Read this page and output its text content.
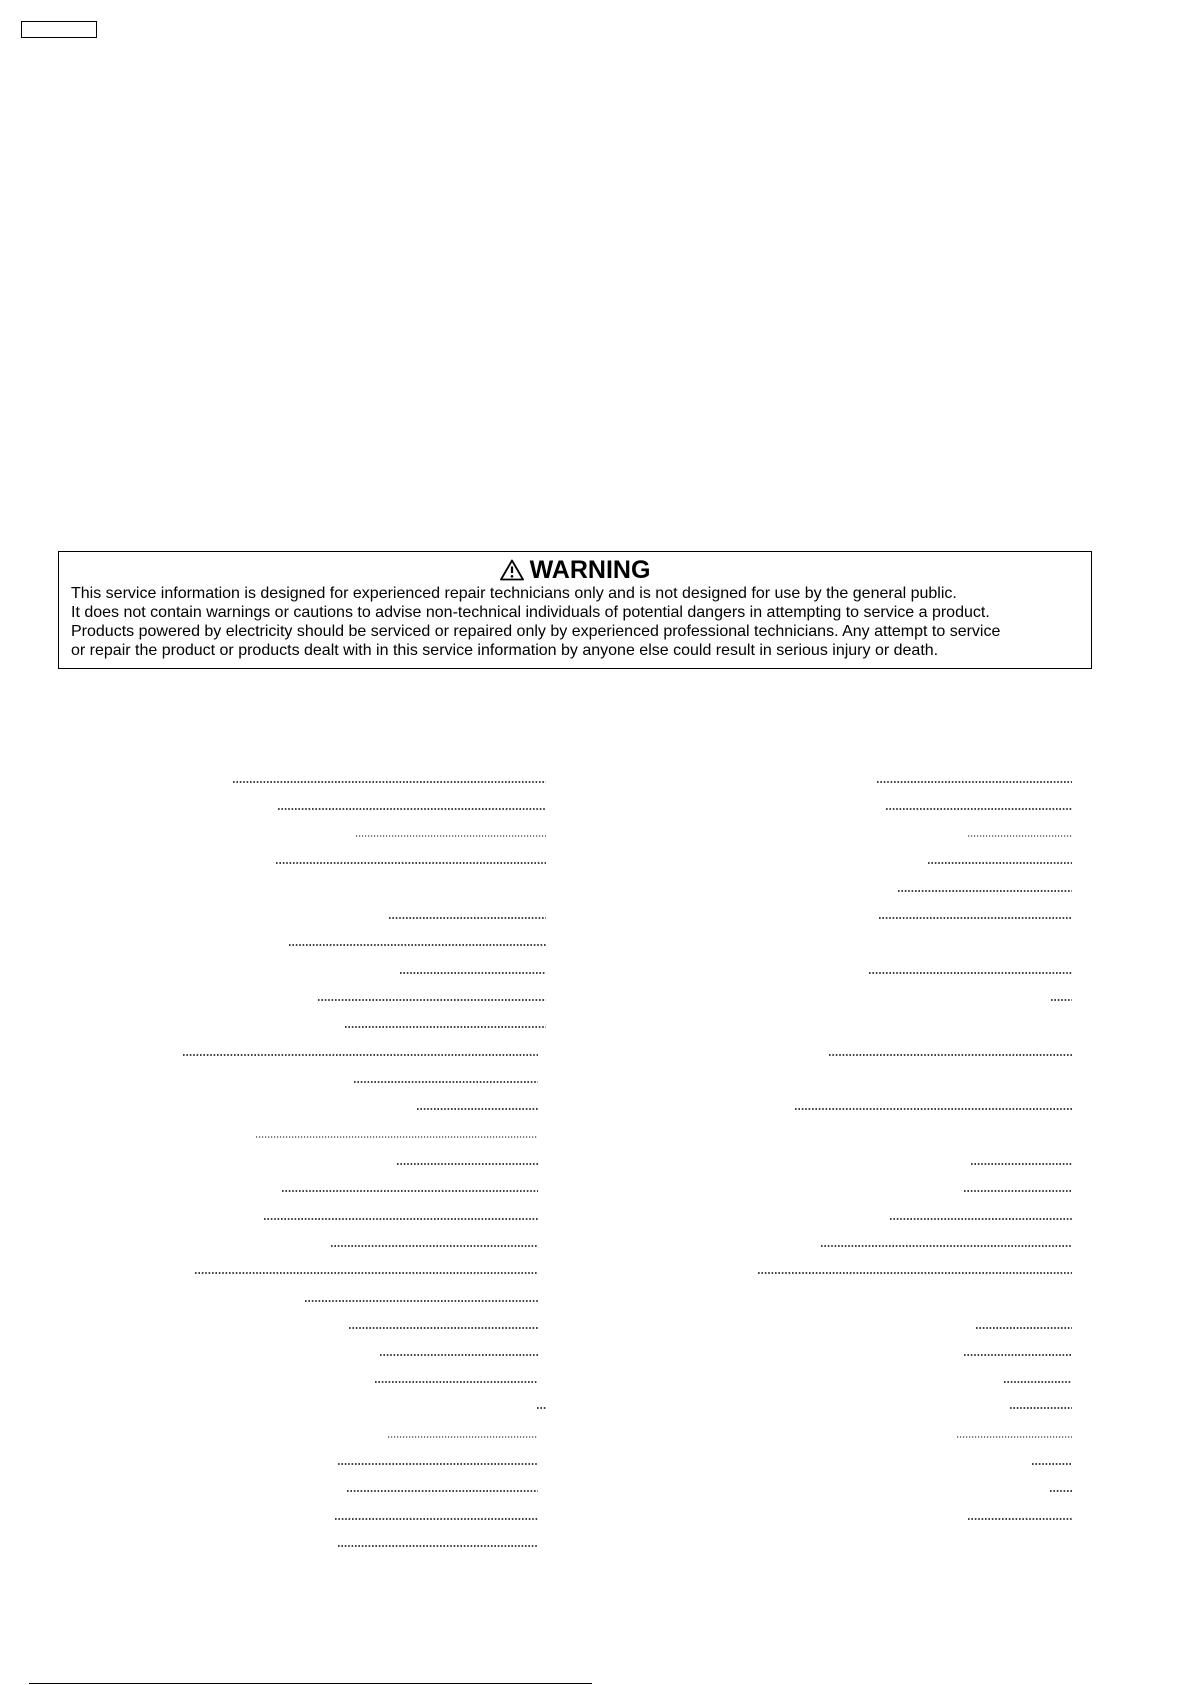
WARNING
This service information is designed for experienced repair technicians only and is not designed for use by the general public.
It does not contain warnings or cautions to advise non-technical individuals of potential dangers in attempting to service a product.
Products powered by electricity should be serviced or repaired only by experienced professional technicians. Any attempt to service
or repair the product or products dealt with in this service information by anyone else could result in serious injury or death.
